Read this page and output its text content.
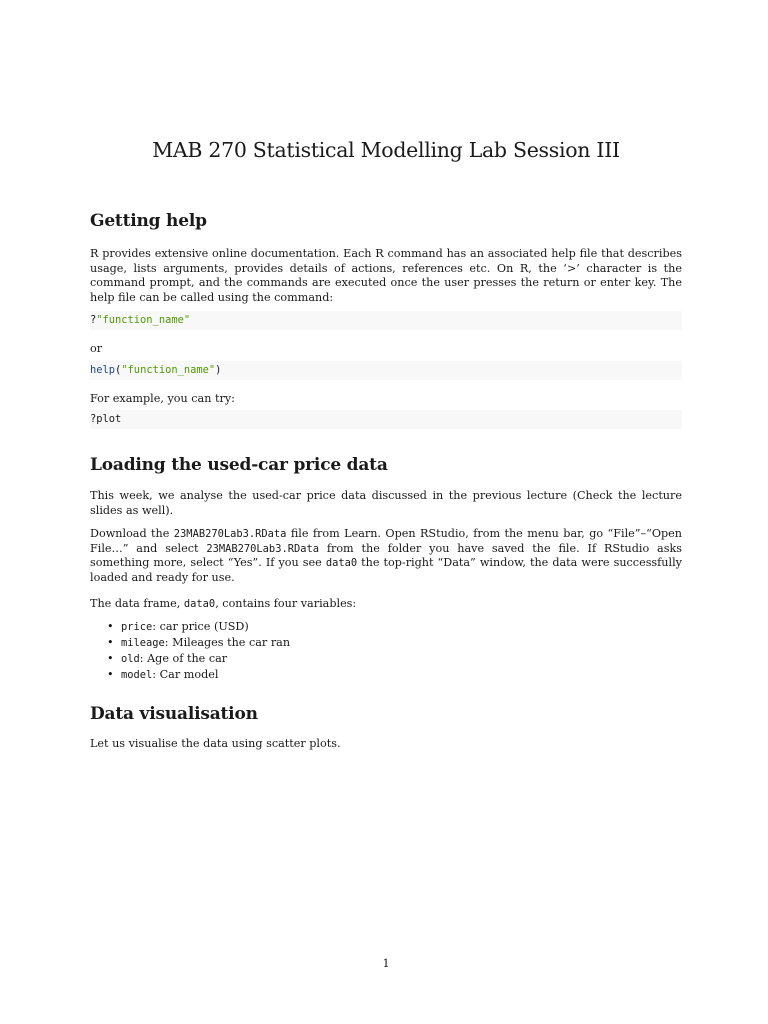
MAB 270 Statistical Modelling Lab Session III
Getting help
R provides extensive online documentation. Each R command has an associated help file that describes usage, lists arguments, provides details of actions, references etc. On R, the ‘>’ character is the command prompt, and the commands are executed once the user presses the return or enter key. The help file can be called using the command:
?"function_name"
or
help("function_name")
For example, you can try:
?plot
Loading the used-car price data
This week, we analyse the used-car price data discussed in the previous lecture (Check the lecture slides as well).
Download the 23MAB270Lab3.RData file from Learn. Open RStudio, from the menu bar, go “File”–“Open File…” and select 23MAB270Lab3.RData from the folder you have saved the file. If RStudio asks something more, select “Yes”. If you see data0 the top-right “Data” window, the data were successfully loaded and ready for use.
The data frame, data0, contains four variables:
• price: car price (USD)
• mileage: Mileages the car ran
• old: Age of the car
• model: Car model
Data visualisation
Let us visualise the data using scatter plots.
1
